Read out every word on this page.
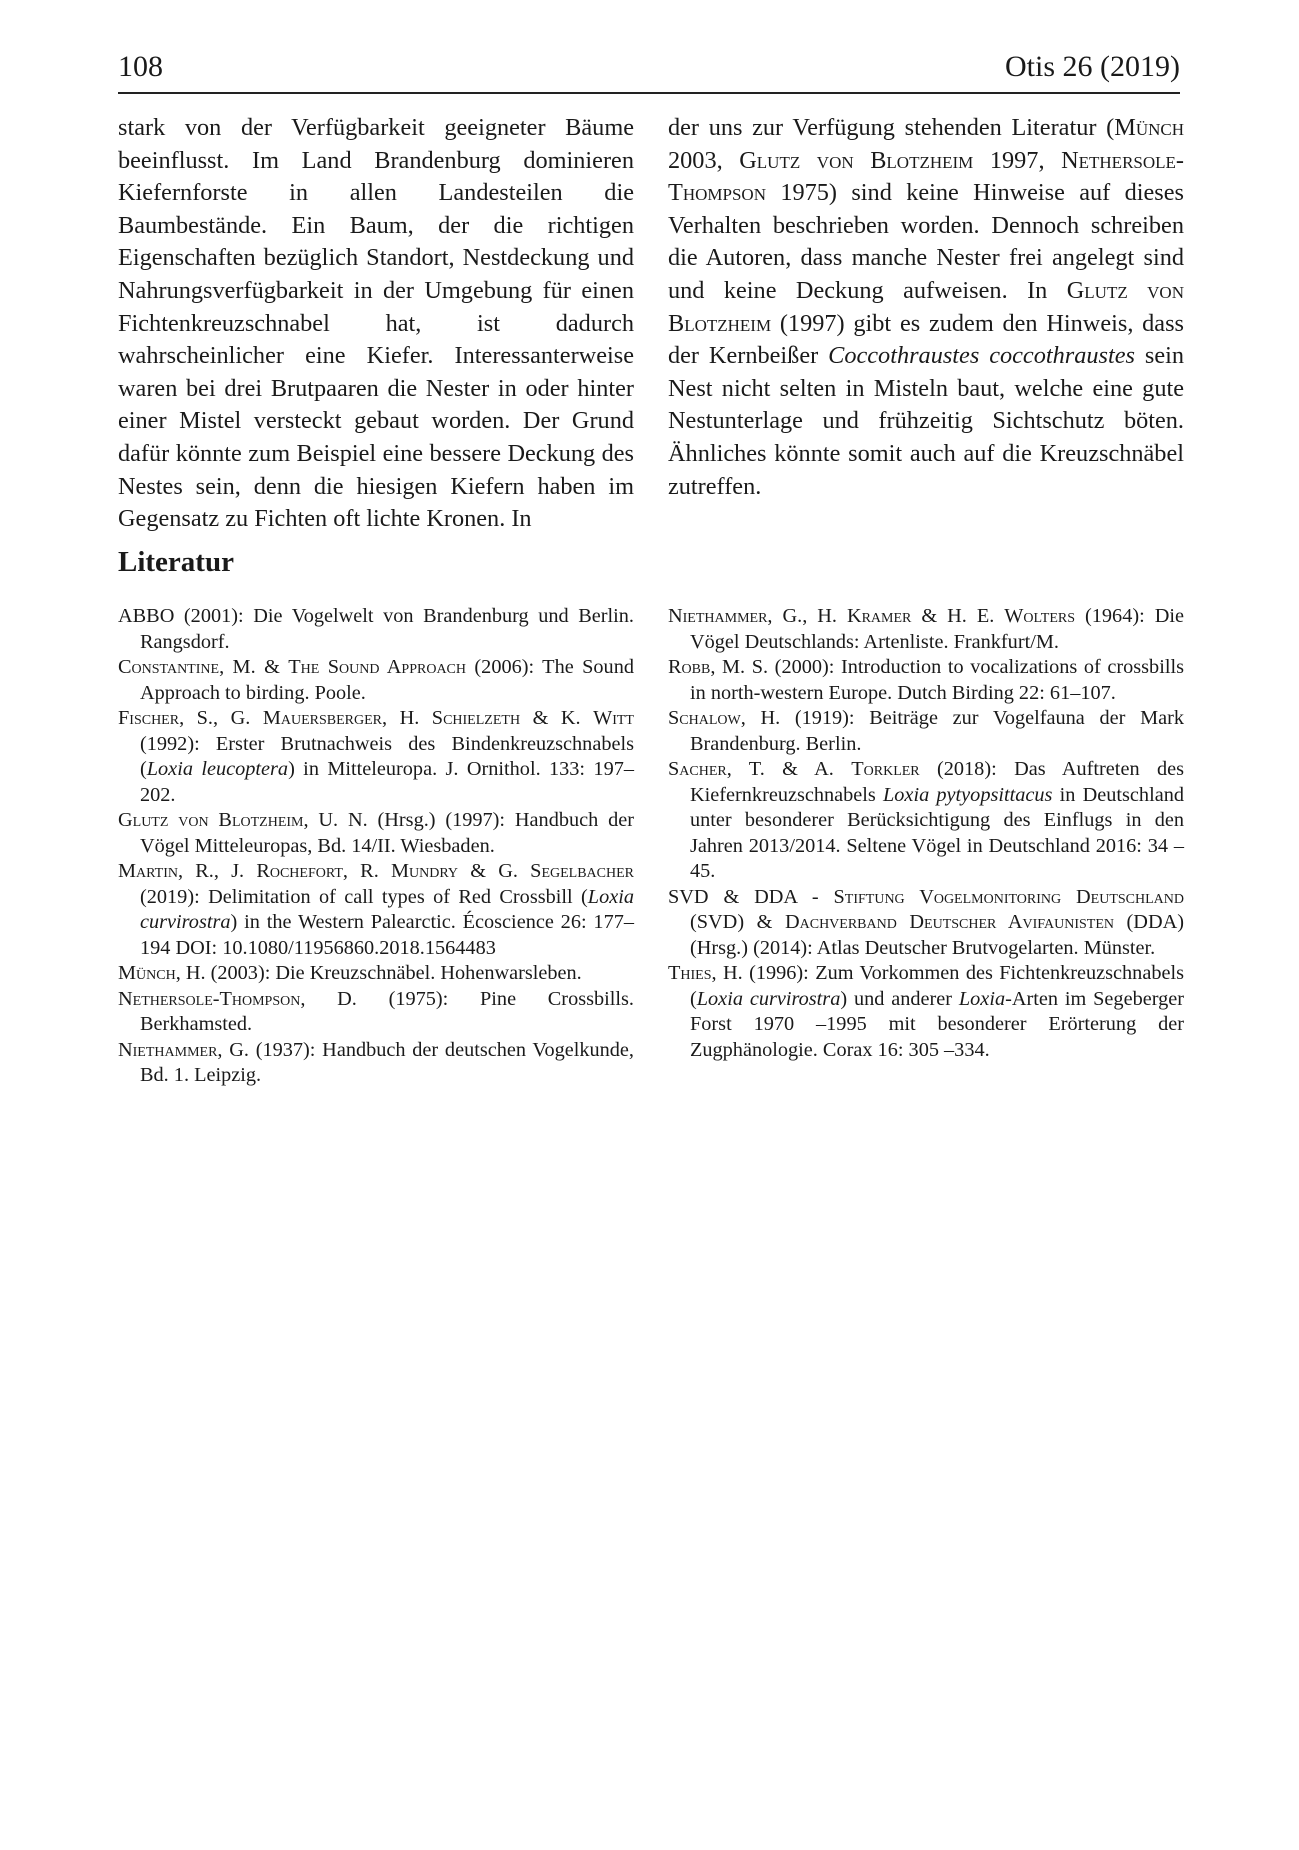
108	Otis 26 (2019)

stark von der Verfügbarkeit geeigneter Bäume beeinflusst. Im Land Brandenburg dominieren Kiefernforste in allen Landesteilen die Baumbestände. Ein Baum, der die richtigen Eigenschaften bezüglich Standort, Nestdeckung und Nahrungsverfügbarkeit in der Umgebung für einen Fichtenkreuzschnabel hat, ist dadurch wahrscheinlicher eine Kiefer. Interessanterweise waren bei drei Brutpaaren die Nester in oder hinter einer Mistel versteckt gebaut worden. Der Grund dafür könnte zum Beispiel eine bessere Deckung des Nestes sein, denn die hiesigen Kiefern haben im Gegensatz zu Fichten oft lichte Kronen. In

der uns zur Verfügung stehenden Literatur (Münch 2003, Glutz von Blotzheim 1997, Nethersole-Thompson 1975) sind keine Hinweise auf dieses Verhalten beschrieben worden. Dennoch schreiben die Autoren, dass manche Nester frei angelegt sind und keine Deckung aufweisen. In Glutz von Blotzheim (1997) gibt es zudem den Hinweis, dass der Kernbeißer Coccothraustes coccothraustes sein Nest nicht selten in Misteln baut, welche eine gute Nestunterlage und frühzeitig Sichtschutz böten. Ähnliches könnte somit auch auf die Kreuzschnäbel zutreffen.

Literatur

ABBO (2001): Die Vogelwelt von Brandenburg und Berlin. Rangsdorf.

Constantine, M. & The Sound Approach (2006): The Sound Approach to birding. Poole.

Fischer, S., G. Mauersberger, H. Schielzeth & K. Witt (1992): Erster Brutnachweis des Bindenkreuzschnabels (Loxia leucoptera) in Mitteleuropa. J. Ornithol. 133: 197–202.

Glutz von Blotzheim, U. N. (Hrsg.) (1997): Handbuch der Vögel Mitteleuropas, Bd. 14/II. Wiesbaden.

Martin, R., J. Rochefort, R. Mundry & G. Segelbacher (2019): Delimitation of call types of Red Crossbill (Loxia curvirostra) in the Western Palearctic. Écoscience 26: 177–194 DOI: 10.1080/11956860.2018.1564483

Münch, H. (2003): Die Kreuzschnäbel. Hohenwarsleben.

Nethersole-Thompson, D. (1975): Pine Crossbills. Berkhamsted.

Niethammer, G. (1937): Handbuch der deutschen Vogelkunde, Bd. 1. Leipzig.

Niethammer, G., H. Kramer & H. E. Wolters (1964): Die Vögel Deutschlands: Artenliste. Frankfurt/M.

Robb, M. S. (2000): Introduction to vocalizations of crossbills in north-western Europe. Dutch Birding 22: 61–107.

Schalow, H. (1919): Beiträge zur Vogelfauna der Mark Brandenburg. Berlin.

Sacher, T. & A. Torkler (2018): Das Auftreten des Kiefernkreuzschnabels Loxia pytyopsittacus in Deutschland unter besonderer Berücksichtigung des Einflugs in den Jahren 2013/2014. Seltene Vögel in Deutschland 2016: 34 – 45.

SVD & DDA - Stiftung Vogelmonitoring Deutschland (SVD) & Dachverband Deutscher Avifaunisten (DDA) (Hrsg.) (2014): Atlas Deutscher Brutvogelarten. Münster.

Thies, H. (1996): Zum Vorkommen des Fichtenkreuzschnabels (Loxia curvirostra) und anderer Loxia-Arten im Segeberger Forst 1970 –1995 mit besonderer Erörterung der Zugphänologie. Corax 16: 305 –334.
